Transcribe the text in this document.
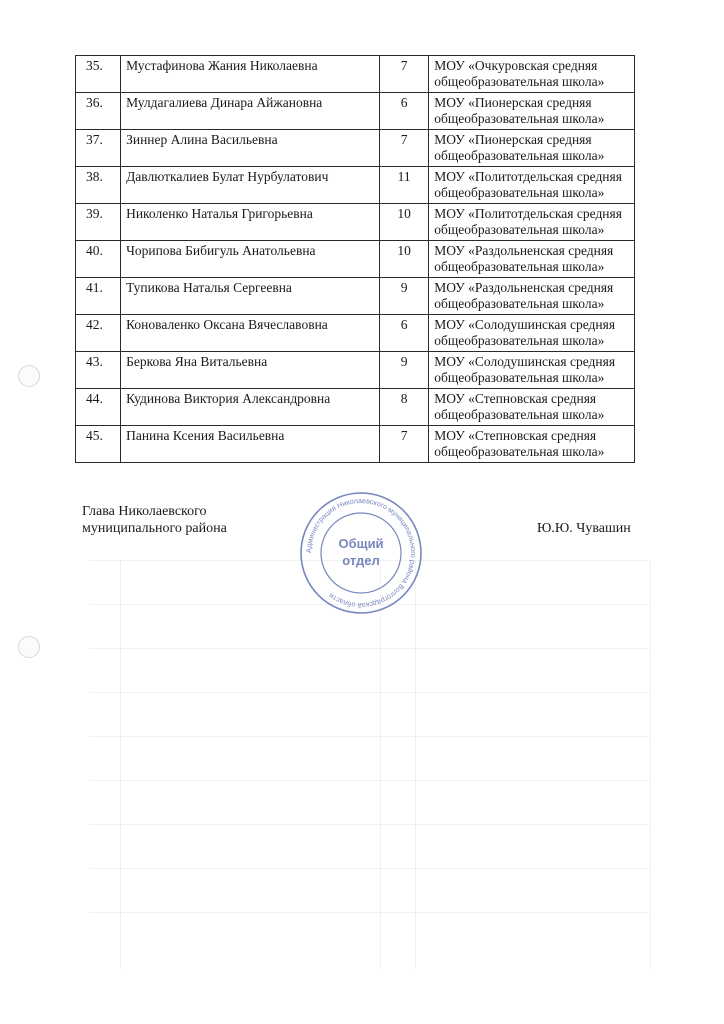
35.	Мустафинова Жания Николаевна	7	МОУ «Очкуровская средняя
общеобразовательная школа»

36.	Мулдагалиева Динара Айжановна	6	МОУ «Пионерская средняя
общеобразовательная школа»

37.	Зиннер Алина Васильевна	7	МОУ «Пионерская средняя
общеобразовательная школа»

38.	Давлюткалиев Булат Нурбулатович	11	МОУ «Политотдельская средняя
общеобразовательная школа»

39.	Николенко Наталья Григорьевна	10	МОУ «Политотдельская средняя
общеобразовательная школа»

40.	Чорипова Бибигуль Анатольевна	10	МОУ «Раздольненская средняя
общеобразовательная школа»

41.	Тупикова Наталья Сергеевна	9	МОУ «Раздольненская средняя
общеобразовательная школа»

42.	Коноваленко Оксана Вячеславовна	6	МОУ «Солодушинская средняя
общеобразовательная школа»

43.	Беркова Яна Витальевна	9	МОУ «Солодушинская средняя
общеобразовательная школа»

44.	Кудинова Виктория Александровна	8	МОУ «Степновская средняя
общеобразовательная школа»

45.	Панина Ксения Васильевна	7	МОУ «Степновская средняя
общеобразовательная школа»
Глава Николаевского
муниципального района	Ю.Ю. Чувашин
Администрация Николаевского муниципального района Волгоградской области
Общий
отдел
